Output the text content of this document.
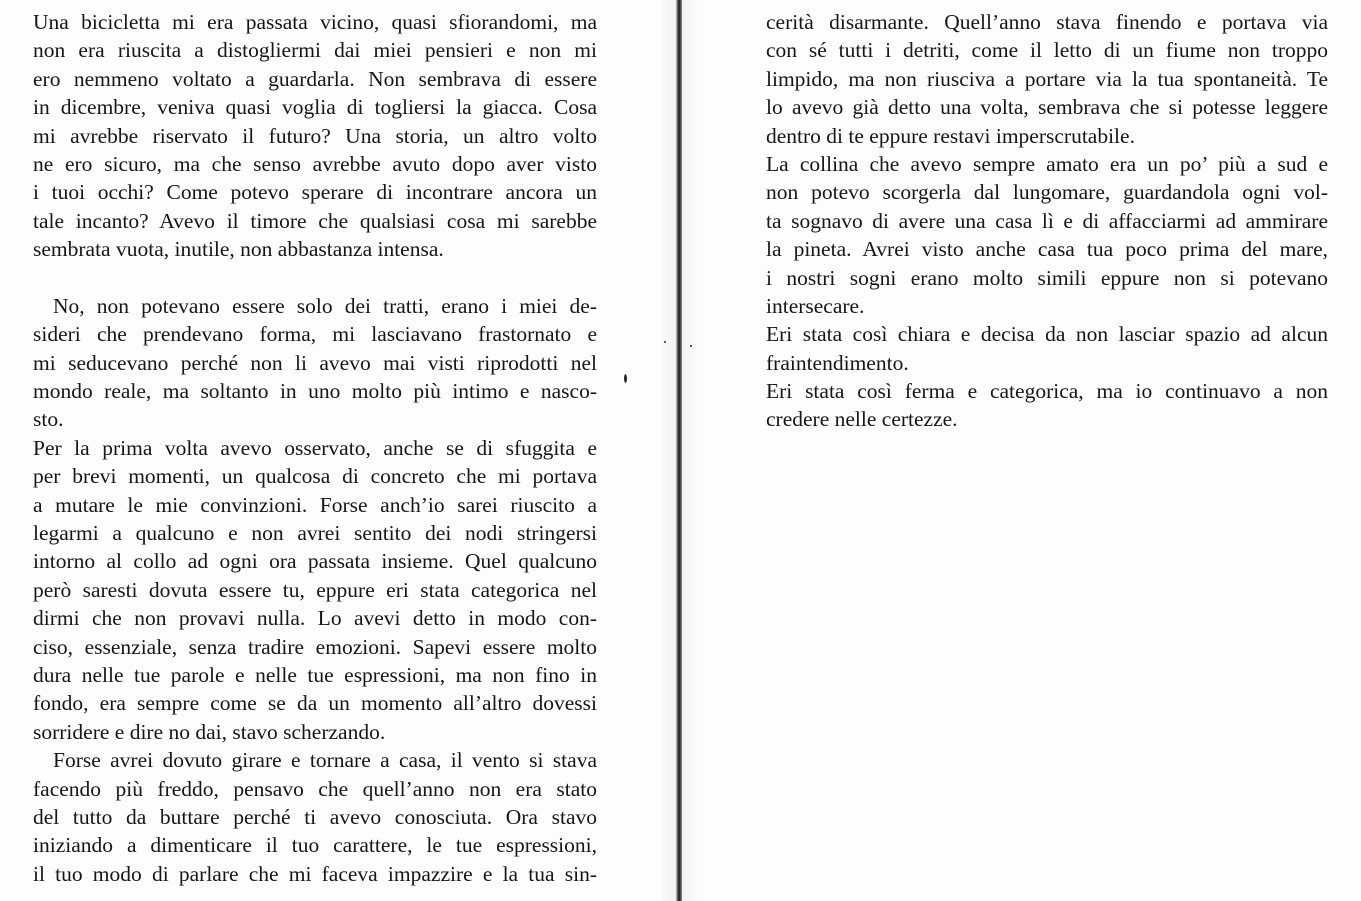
Una bicicletta mi era passata vicino, quasi sfiorandomi, ma
non era riuscita a distogliermi dai miei pensieri e non mi
ero nemmeno voltato a guardarla. Non sembrava di essere
in dicembre, veniva quasi voglia di togliersi la giacca. Cosa
mi avrebbe riservato il futuro? Una storia, un altro volto
ne ero sicuro, ma che senso avrebbe avuto dopo aver visto
i tuoi occhi? Come potevo sperare di incontrare ancora un
tale incanto? Avevo il timore che qualsiasi cosa mi sarebbe
sembrata vuota, inutile, non abbastanza intensa.
No, non potevano essere solo dei tratti, erano i miei de-
sideri che prendevano forma, mi lasciavano frastornato e
mi seducevano perché non li avevo mai visti riprodotti nel
mondo reale, ma soltanto in uno molto più intimo e nasco-
sto.
Per la prima volta avevo osservato, anche se di sfuggita e
per brevi momenti, un qualcosa di concreto che mi portava
a mutare le mie convinzioni. Forse anch’io sarei riuscito a
legarmi a qualcuno e non avrei sentito dei nodi stringersi
intorno al collo ad ogni ora passata insieme. Quel qualcuno
però saresti dovuta essere tu, eppure eri stata categorica nel
dirmi che non provavi nulla. Lo avevi detto in modo con-
ciso, essenziale, senza tradire emozioni. Sapevi essere molto
dura nelle tue parole e nelle tue espressioni, ma non fino in
fondo, era sempre come se da un momento all’altro dovessi
sorridere e dire no dai, stavo scherzando.
Forse avrei dovuto girare e tornare a casa, il vento si stava
facendo più freddo, pensavo che quell’anno non era stato
del tutto da buttare perché ti avevo conosciuta. Ora stavo
iniziando a dimenticare il tuo carattere, le tue espressioni,
il tuo modo di parlare che mi faceva impazzire e la tua sin-
cerità disarmante. Quell’anno stava finendo e portava via
con sé tutti i detriti, come il letto di un fiume non troppo
limpido, ma non riusciva a portare via la tua spontaneità. Te
lo avevo già detto una volta, sembrava che si potesse leggere
dentro di te eppure restavi imperscrutabile.
La collina che avevo sempre amato era un po’ più a sud e
non potevo scorgerla dal lungomare, guardandola ogni vol-
ta sognavo di avere una casa lì e di affacciarmi ad ammirare
la pineta. Avrei visto anche casa tua poco prima del mare,
i nostri sogni erano molto simili eppure non si potevano
intersecare.
Eri stata così chiara e decisa da non lasciar spazio ad alcun
fraintendimento.
Eri stata così ferma e categorica, ma io continuavo a non
credere nelle certezze.
